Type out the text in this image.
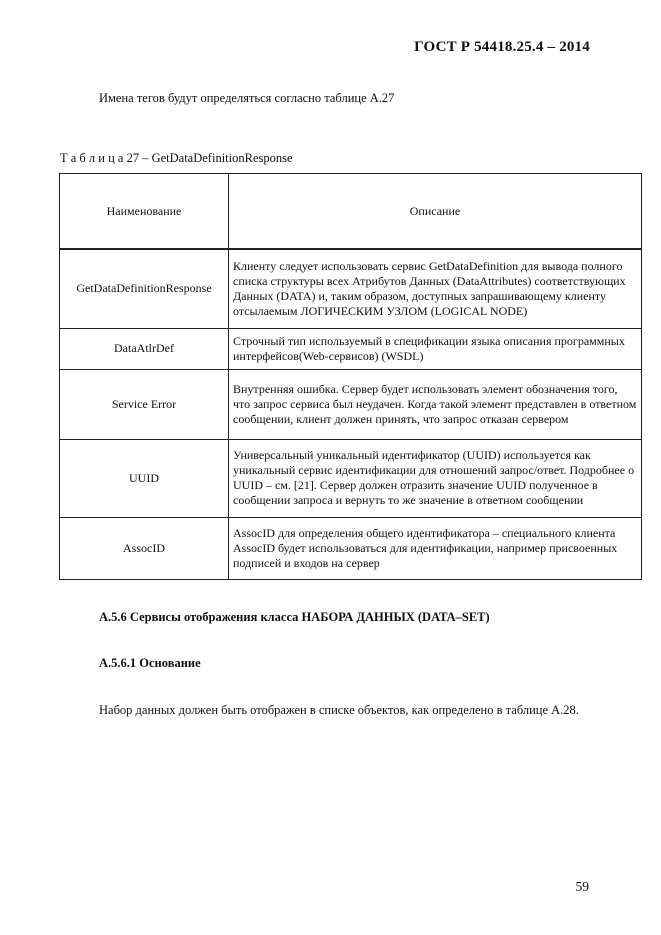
ГОСТ Р 54418.25.4 – 2014
Имена тегов будут определяться согласно таблице А.27
Т а б л и ц а 27 – GetDataDefinitionResponse
Наименование	Описание
GetDataDefinitionResponse	Клиенту следует использовать сервис GetDataDefinition для вывода полного списка структуры всех Атрибутов Данных (DataAttributes) соответствующих Данных (DATA) и, таким образом, доступных запрашивающему клиенту отсылаемым ЛОГИЧЕСКИМ УЗЛОМ (LOGICAL NODE)
DataAtlrDef	Строчный тип используемый в спецификации языка описания программных интерфейсов(Web-сервисов) (WSDL)
Service Error	Внутренняя ошибка. Сервер будет использовать элемент обозначения того, что запрос сервиса был неудачен. Когда такой элемент представлен в ответном сообщении, клиент должен принять, что запрос отказан сервером
UUID	Универсальный уникальный идентификатор (UUID) используется как уникальный сервис идентификации для отношений запрос/ответ. Подробнее о UUID – см. [21]. Сервер должен отразить значение UUID полученное в сообщении запроса и вернуть то же значение в ответном сообщении
AssocID	AssocID для определения общего идентификатора – специального клиента
AssocID будет использоваться для идентификации, например присвоенных подписей и входов на сервер
А.5.6 Сервисы отображения класса НАБОРА ДАННЫХ (DATA–SET)
А.5.6.1 Основание
Набор данных должен быть отображен в списке объектов, как определено в таблице А.28.
59
